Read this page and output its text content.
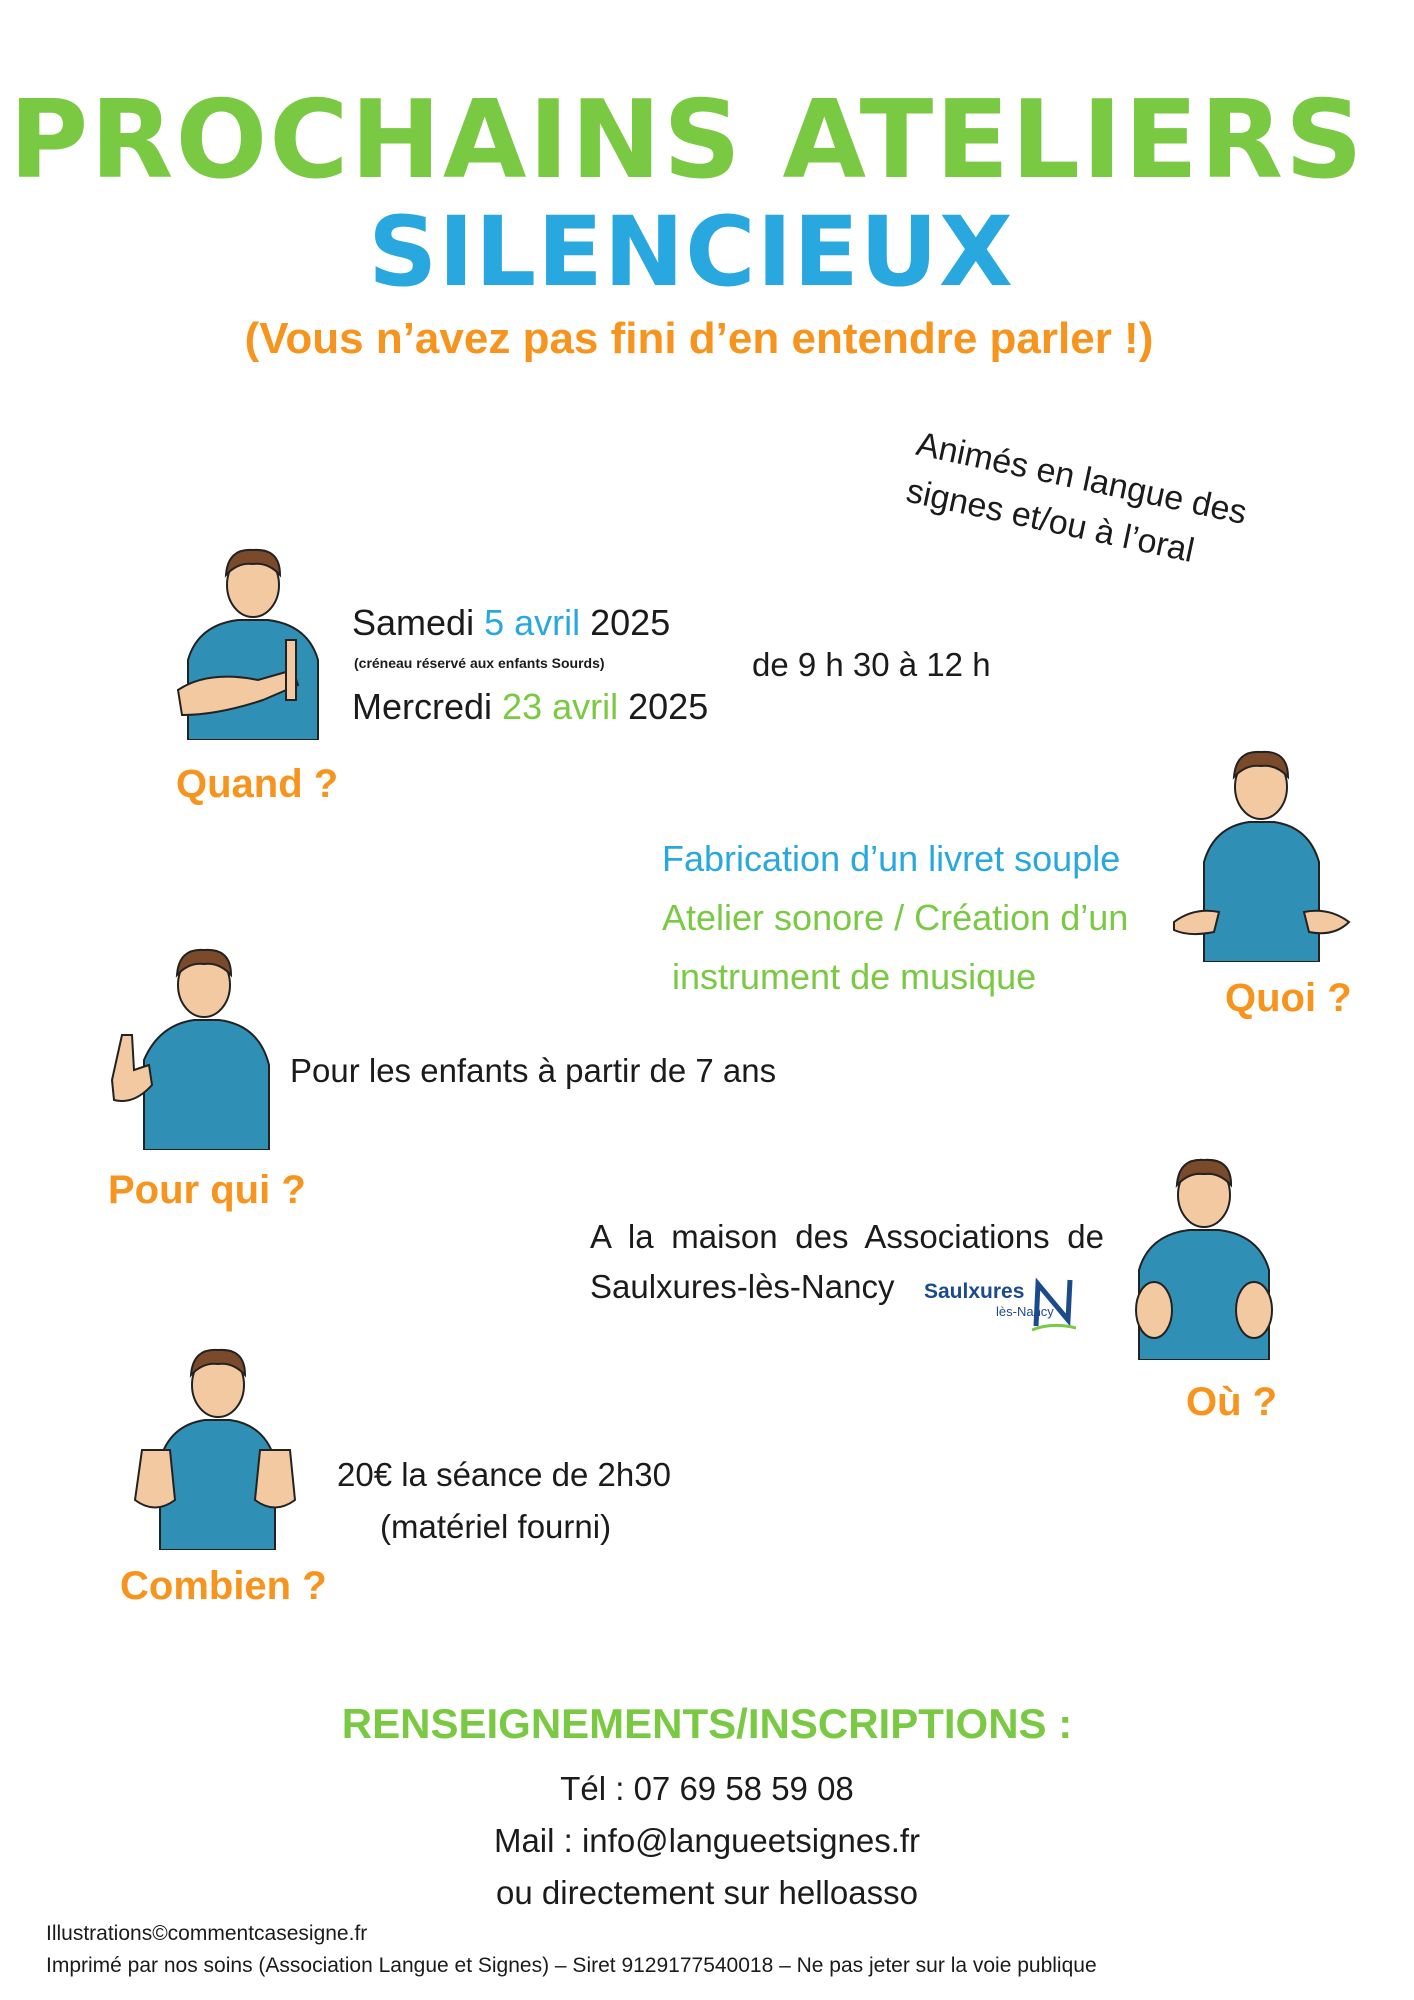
PROCHAINS ATELIERS
SILENCIEUX
(Vous n’avez pas fini d’en entendre parler !)
Animés en langue des signes et/ou à l’oral
Quand ?
Samedi 5 avril 2025
(créneau réservé aux enfants Sourds)
Mercredi 23 avril 2025
de 9 h 30 à 12 h
Fabrication d’un livret souple
Atelier sonore / Création d’un
instrument de musique	Quoi ?
Pour les enfants à partir de 7 ans
Pour qui ?
A la maison des Associations de
Saulxures-lès-Nancy Saulxures
lès-Nancy
Où ?
20€ la séance de 2h30
(matériel fourni)
Combien ?
RENSEIGNEMENTS/INSCRIPTIONS :
Tél : 07 69 58 59 08
Mail : info@langueetsignes.fr
ou directement sur helloasso
Illustrations©commentcasesigne.fr
Imprimé par nos soins (Association Langue et Signes) – Siret 9129177540018 – Ne pas jeter sur la voie publique
